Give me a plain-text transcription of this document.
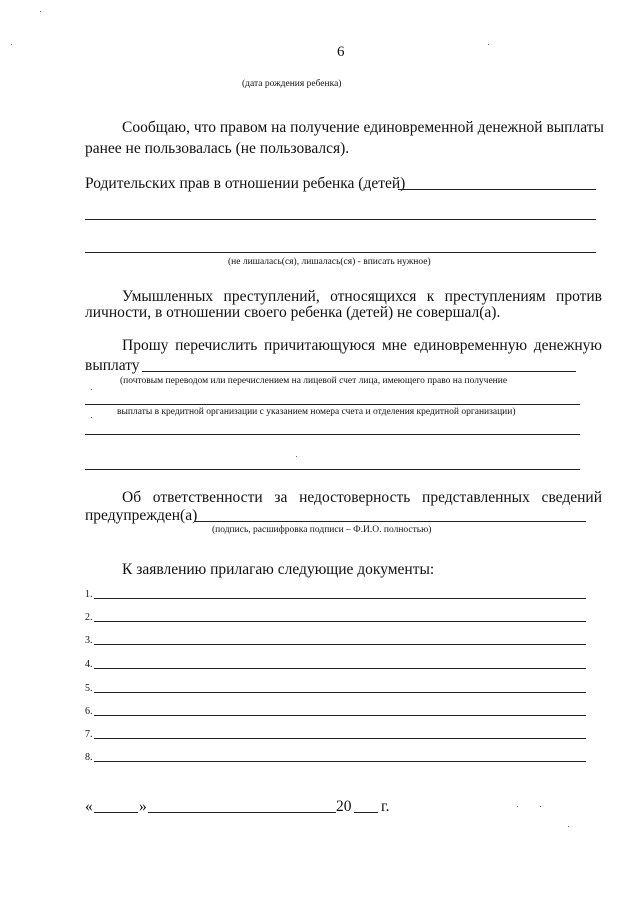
6
(дата рождения ребенка)
Сообщаю, что правом на получение единовременной денежной выплаты
ранее не пользовалась (не пользовался).
Родительских прав в отношении ребенка (детей)
(не лишалась(ся), лишалась(ся) - вписать нужное)
Умышленных преступлений, относящихся к преступлениям против
личности, в отношении своего ребенка (детей) не совершал(а).
Прошу перечислить причитающуюся мне единовременную денежную
выплату
(почтовым переводом или перечислением на лицевой счет лица, имеющего право на получение
выплаты в кредитной организации с указанием номера счета и отделения кредитной организации)
Об ответственности за недостоверность представленных сведений
предупрежден(а)
(подпись, расшифровка подписи – Ф.И.О. полностью)
К заявлению прилагаю следующие документы:
1.
2.
3.
4.
5.
6.
7.
8.
«	»	20 г.
